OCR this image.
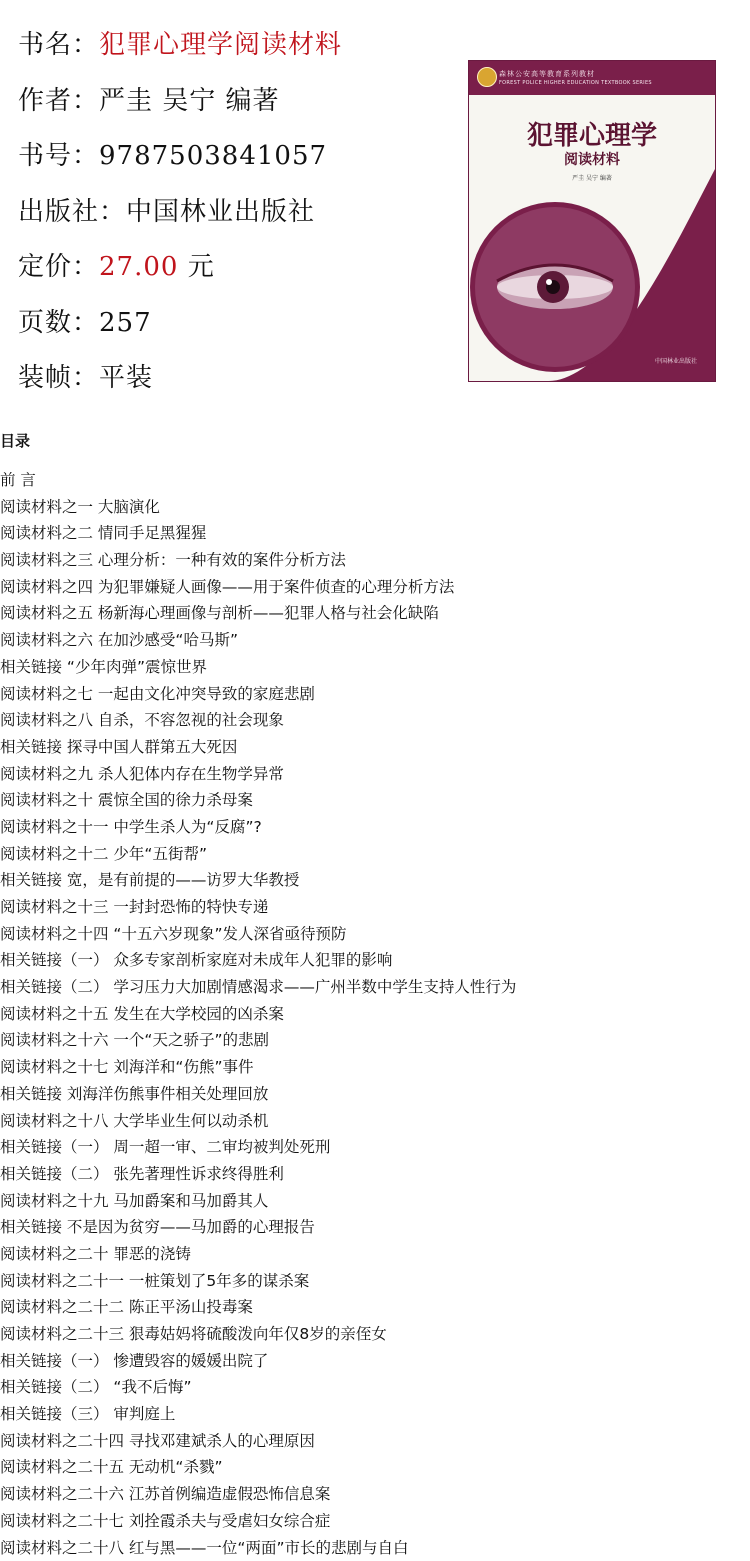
书名：犯罪心理学阅读材料
作者：严圭 吴宁 编著
书号：9787503841057
出版社：中国林业出版社
定价：27.00 元
页数：257
装帧：平装
森林公安高等教育系列教材
FOREST POLICE HIGHER EDUCATION TEXTBOOK SERIES
犯罪心理学
阅读材料
严圭 吴宁 编著
中国林业出版社
目录
前 言
阅读材料之一 大脑演化
阅读材料之二 情同手足黑猩猩
阅读材料之三 心理分析：一种有效的案件分析方法
阅读材料之四 为犯罪嫌疑人画像——用于案件侦查的心理分析方法
阅读材料之五 杨新海心理画像与剖析——犯罪人格与社会化缺陷
阅读材料之六 在加沙感受“哈马斯”
相关链接 “少年肉弹”震惊世界
阅读材料之七 一起由文化冲突导致的家庭悲剧
阅读材料之八 自杀，不容忽视的社会现象
相关链接 探寻中国人群第五大死因
阅读材料之九 杀人犯体内存在生物学异常
阅读材料之十 震惊全国的徐力杀母案
阅读材料之十一 中学生杀人为“反腐”?
阅读材料之十二 少年“五街帮”
相关链接 宽，是有前提的——访罗大华教授
阅读材料之十三 一封封恐怖的特快专递
阅读材料之十四 “十五六岁现象”发人深省亟待预防
相关链接（一） 众多专家剖析家庭对未成年人犯罪的影响
相关链接（二） 学习压力大加剧情感渴求——广州半数中学生支持人性行为
阅读材料之十五 发生在大学校园的凶杀案
阅读材料之十六 一个“天之骄子”的悲剧
阅读材料之十七 刘海洋和“伤熊”事件
相关链接 刘海洋伤熊事件相关处理回放
阅读材料之十八 大学毕业生何以动杀机
相关链接（一） 周一超一审、二审均被判处死刑
相关链接（二） 张先著理性诉求终得胜利
阅读材料之十九 马加爵案和马加爵其人
相关链接 不是因为贫穷——马加爵的心理报告
阅读材料之二十 罪恶的浇铸
阅读材料之二十一 一桩策划了5年多的谋杀案
阅读材料之二十二 陈正平汤山投毒案
阅读材料之二十三 狠毒姑妈将硫酸泼向年仅8岁的亲侄女
相关链接（一） 惨遭毁容的媛媛出院了
相关链接（二） “我不后悔”
相关链接（三） 审判庭上
阅读材料之二十四 寻找邓建斌杀人的心理原因
阅读材料之二十五 无动机“杀戮”
阅读材料之二十六 江苏首例编造虚假恐怖信息案
阅读材料之二十七 刘拴霞杀夫与受虐妇女综合症
阅读材料之二十八 红与黑——一位“两面”市长的悲剧与自白
